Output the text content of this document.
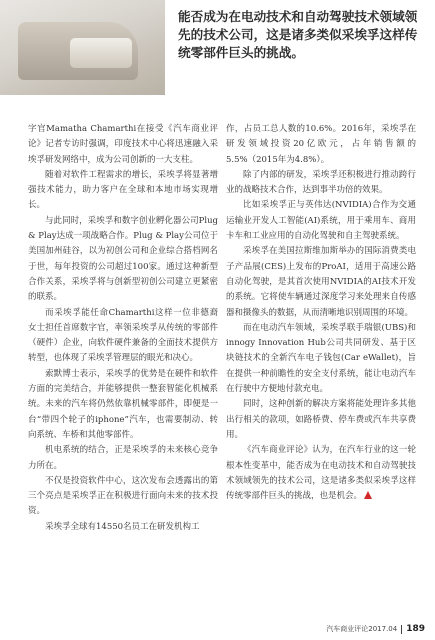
能否成为在电动技术和自动驾驶技术领域领先的技术公司，这是诸多类似采埃孚这样传统零部件巨头的挑战。

字官Mamatha Chamarthi在接受《汽车商业评论》记者专访时强调，印度技术中心将迅速融入采埃孚研发网络中，成为公司创新的一大支柱。

随着对软件工程需求的增长，采埃孚将显著增强技术能力，助力客户在全球和本地市场实现增长。

与此同时，采埃孚和数字创业孵化器公司Plug & Play达成一项战略合作。Plug & Play公司位于美国加州硅谷，以为初创公司和企业综合搭档网名于世，每年投资的公司超过100家。通过这种新型合作关系，采埃孚将与创新型初创公司建立更紧密的联系。

而采埃孚能任命Chamarthi这样一位非德裔女士担任首席数字官，率领采埃孚从传统的零部件（硬件）企业，向软件硬件兼备的全面技术提供方转型，也体现了采埃孚管理层的眼光和决心。

索默博士表示，采埃孚的优势是在硬件和软件方面的完美结合，并能够提供一整套智能化机械系统。未来的汽车将仍然依靠机械零部件，即便是一台“带四个轮子的iphone”汽车，也需要制动、转向系统、车桥和其他零部件。

机电系统的结合，正是采埃孚的未来核心竞争力所在。

不仅是投资软件中心，这次发布会透露出的第三个亮点是采埃孚正在积极进行面向未来的技术投资。

采埃孚全球有14550名员工在研发机构工

作，占员工总人数的10.6%。2016年，采埃孚在研发领域投资20亿欧元，占年销售额的5.5%（2015年为4.8%）。

除了内部的研发，采埃孚还积极进行推动跨行业的战略技术合作，达到事半功倍的效果。

比如采埃孚正与英伟达(NVIDIA)合作为交通运输业开发人工智能(AI)系统，用于乘用车、商用卡车和工业应用的自动化驾驶和自主驾驶系统。

采埃孚在美国拉斯维加斯举办的国际消费类电子产品展(CES)上发布的ProAI，适用于高速公路自动化驾驶，是其首次使用NVIDIA的AI技术开发的系统。它将使车辆通过深度学习来处理来自传感器和摄像头的数据，从而清晰地识别周围的环境。

而在电动汽车领域，采埃孚联手瑞银(UBS)和innogy Innovation Hub公司共同研发、基于区块链技术的全新汽车电子钱包(Car eWallet)，旨在提供一种前瞻性的安全支付系统，能让电动汽车在行驶中方便地付款充电。

同时，这种创新的解决方案将能处理许多其他出行相关的款项，如路桥费、停车费或汽车共享费用。

《汽车商业评论》认为，在汽车行业的这一轮根本性变革中，能否成为在电动技术和自动驾驶技术领域领先的技术公司，这是诸多类似采埃孚这样传统零部件巨头的挑战，也是机会。

汽车商业评论2017.04 189
